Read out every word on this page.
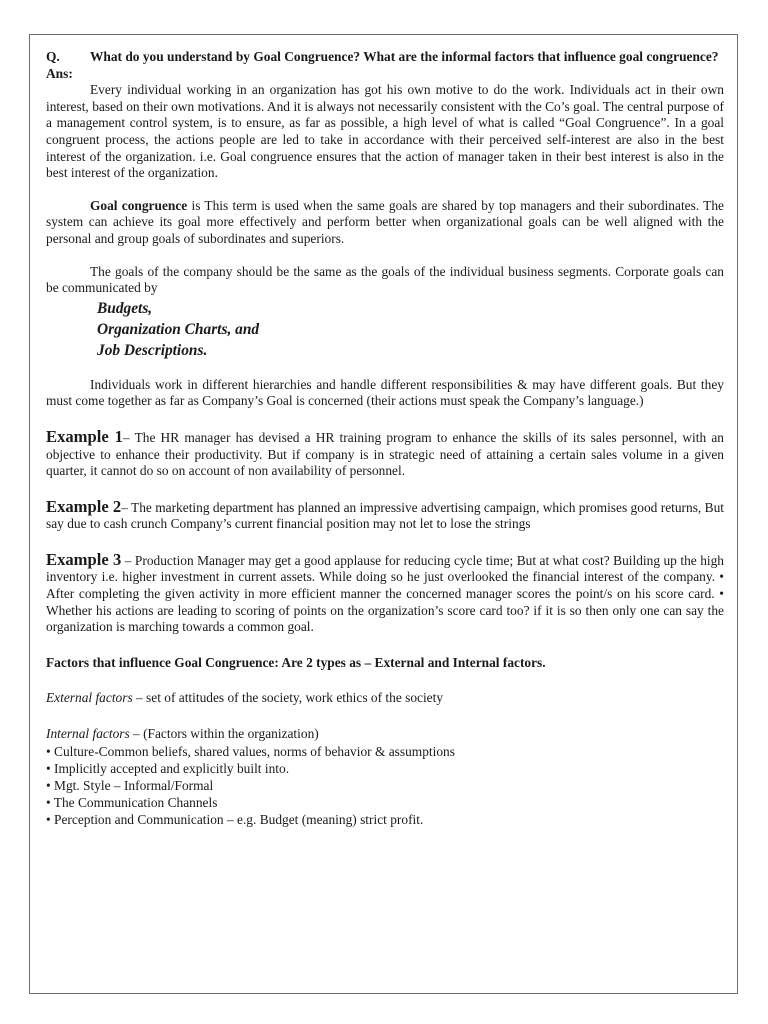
Q. What do you understand by Goal Congruence? What are the informal factors that influence goal congruence?

Ans:

Every individual working in an organization has got his own motive to do the work. Individuals act in their own interest, based on their own motivations. And it is always not necessarily consistent with the Co’s goal. The central purpose of a management control system, is to ensure, as far as possible, a high level of what is called “Goal Congruence”. In a goal congruent process, the actions people are led to take in accordance with their perceived self-interest are also in the best interest of the organization. i.e. Goal congruence ensures that the action of manager taken in their best interest is also in the best interest of the organization.

Goal congruence is This term is used when the same goals are shared by top managers and their subordinates. The system can achieve its goal more effectively and perform better when organizational goals can be well aligned with the personal and group goals of subordinates and superiors.

The goals of the company should be the same as the goals of the individual business segments. Corporate goals can be communicated by

Budgets,
Organization Charts, and
Job Descriptions.

Individuals work in different hierarchies and handle different responsibilities & may have different goals. But they must come together as far as Company’s Goal is concerned (their actions must speak the Company’s language.)

Example 1– The HR manager has devised a HR training program to enhance the skills of its sales personnel, with an objective to enhance their productivity. But if company is in strategic need of attaining a certain sales volume in a given quarter, it cannot do so on account of non availability of personnel.

Example 2– The marketing department has planned an impressive advertising campaign, which promises good returns, But say due to cash crunch Company’s current financial position may not let to lose the strings

Example 3 – Production Manager may get a good applause for reducing cycle time; But at what cost? Building up the high inventory i.e. higher investment in current assets. While doing so he just overlooked the financial interest of the company. • After completing the given activity in more efficient manner the concerned manager scores the point/s on his score card. • Whether his actions are leading to scoring of points on the organization’s score card too? if it is so then only one can say the organization is marching towards a common goal.

Factors that influence Goal Congruence: Are 2 types as – External and Internal factors.

External factors – set of attitudes of the society, work ethics of the society

Internal factors – (Factors within the organization)

• Culture-Common beliefs, shared values, norms of behavior & assumptions
• Implicitly accepted and explicitly built into.
• Mgt. Style – Informal/Formal
• The Communication Channels
• Perception and Communication – e.g. Budget (meaning) strict profit.
